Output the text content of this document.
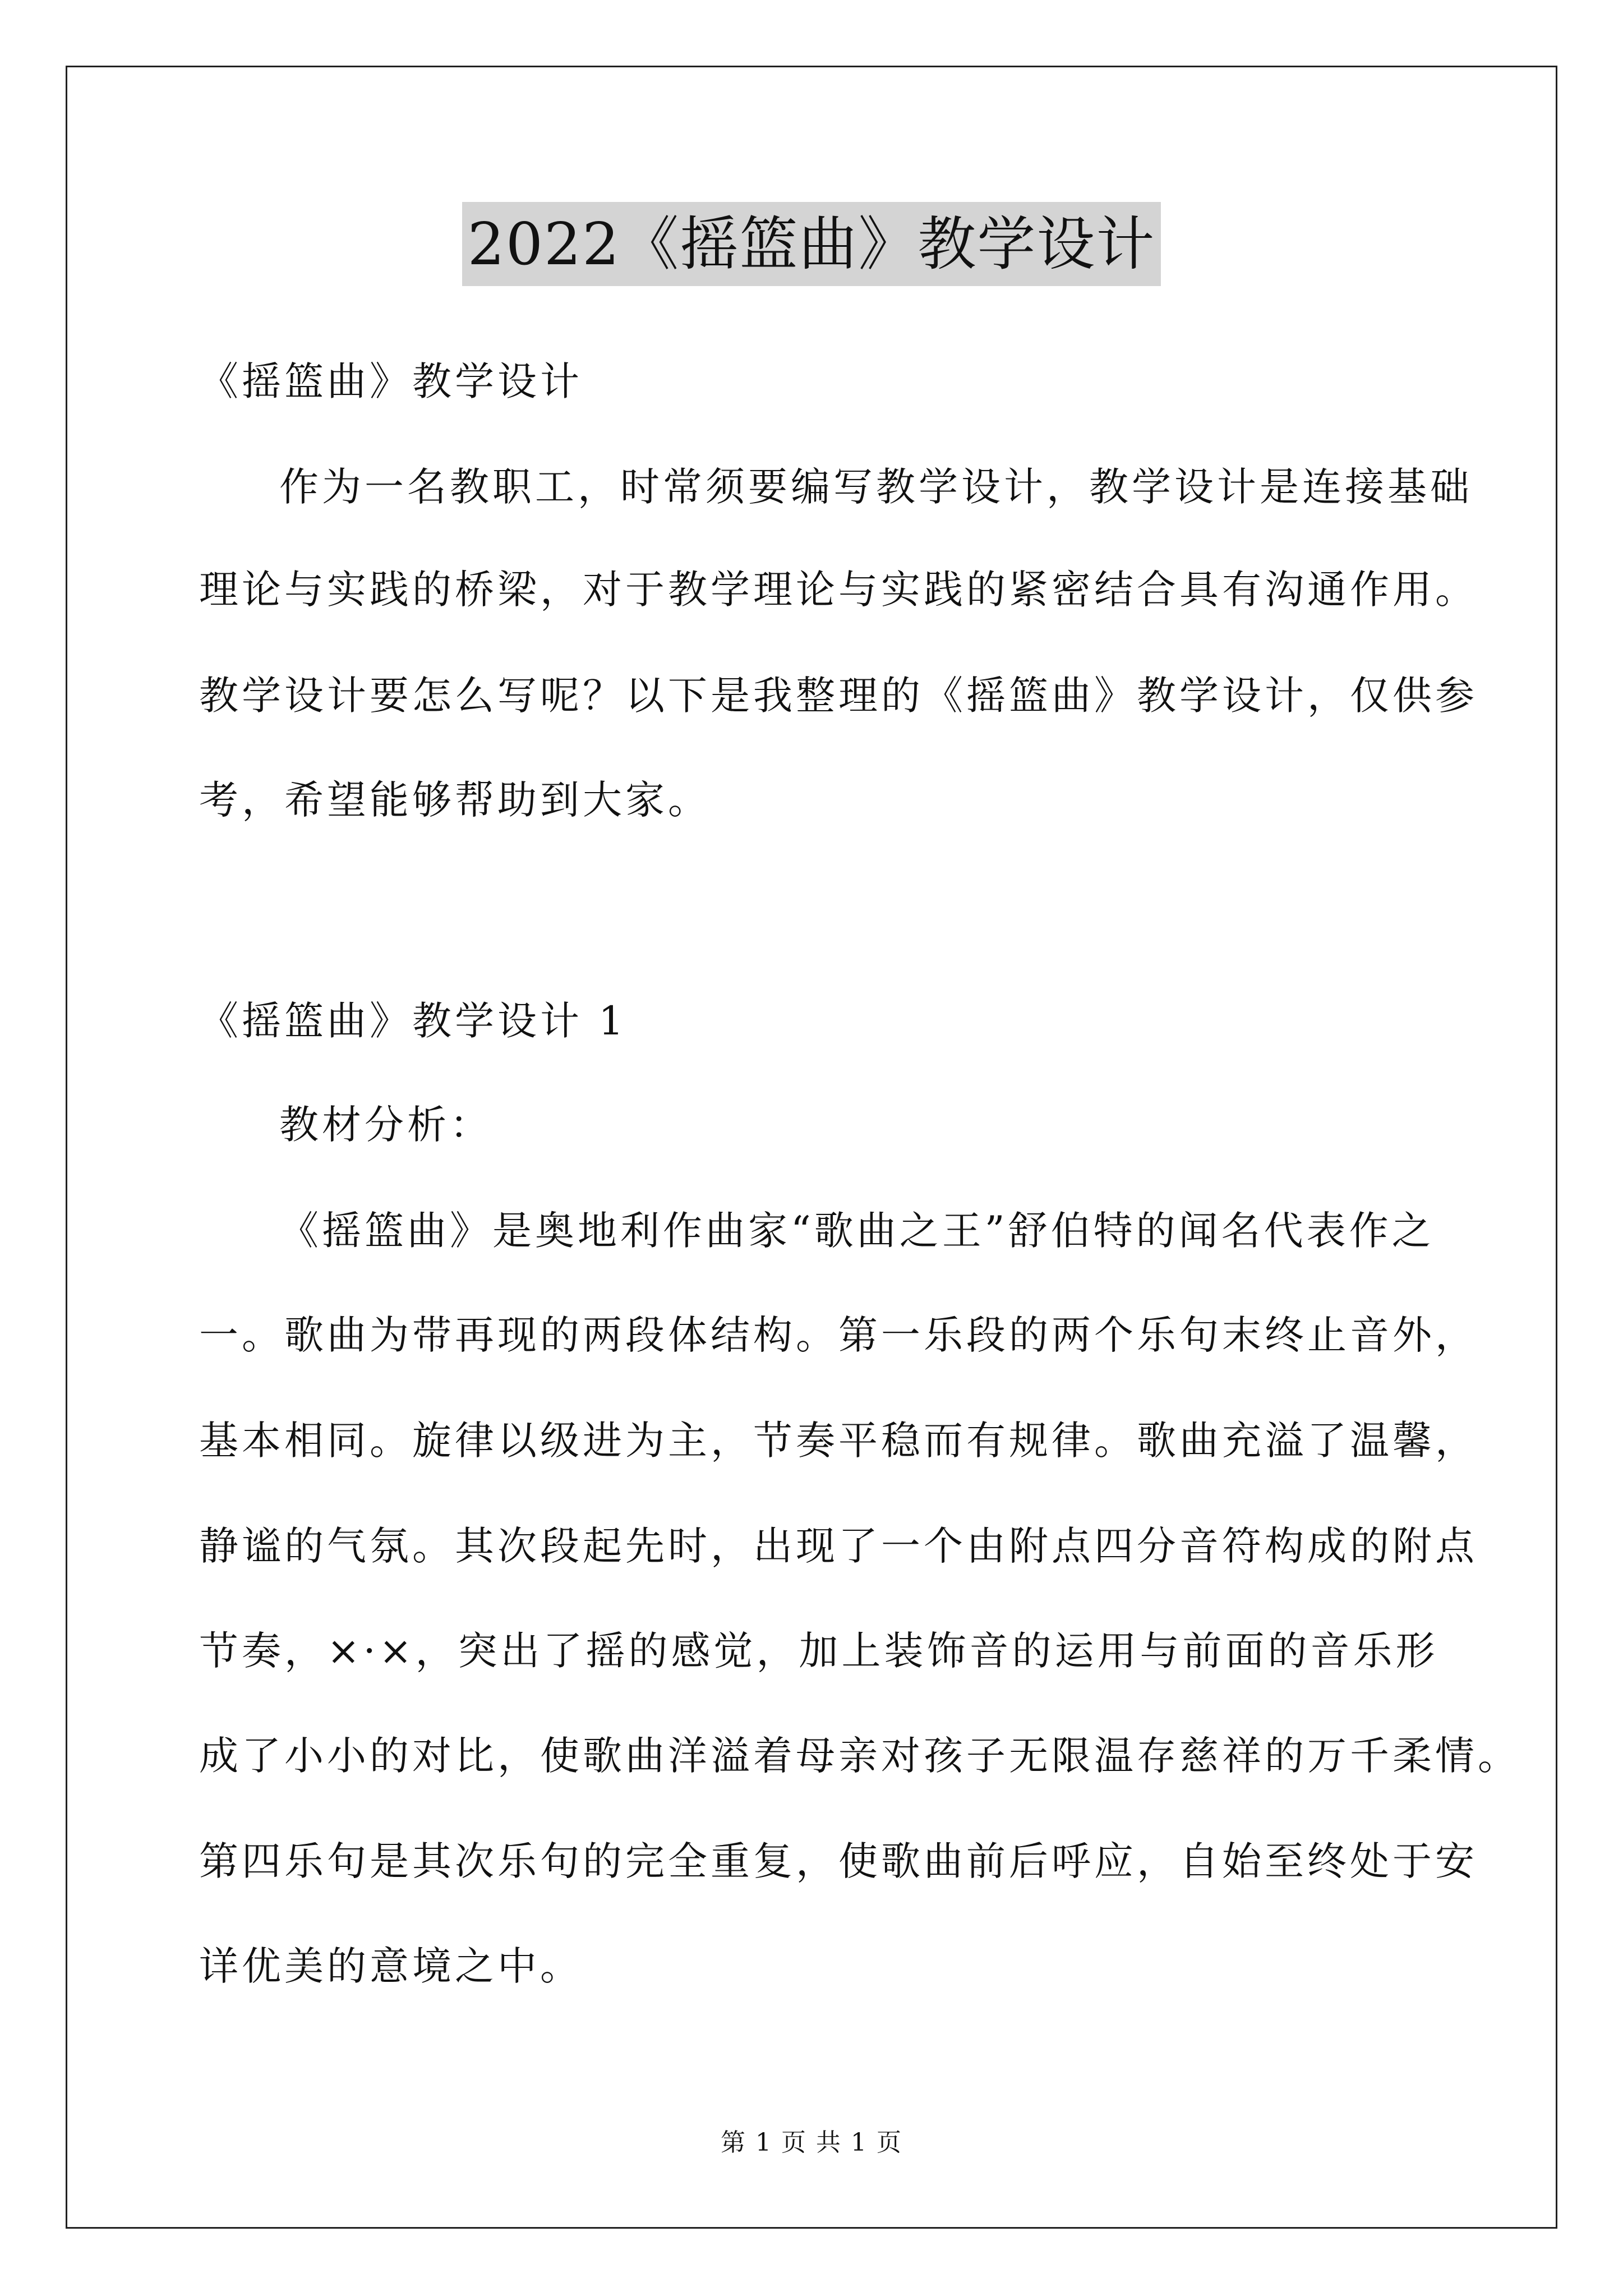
2022《摇篮曲》教学设计
《摇篮曲》教学设计
作为一名教职工，时常须要编写教学设计，教学设计是连接基础
理论与实践的桥梁，对于教学理论与实践的紧密结合具有沟通作用。
教学设计要怎么写呢？以下是我整理的《摇篮曲》教学设计，仅供参
考，希望能够帮助到大家。
《摇篮曲》教学设计 1
教材分析：
《摇篮曲》是奥地利作曲家“歌曲之王”舒伯特的闻名代表作之
一。歌曲为带再现的两段体结构。第一乐段的两个乐句末终止音外，
基本相同。旋律以级进为主，节奏平稳而有规律。歌曲充溢了温馨，
静谧的气氛。其次段起先时，出现了一个由附点四分音符构成的附点
节奏，×·×，突出了摇的感觉，加上装饰音的运用与前面的音乐形
成了小小的对比，使歌曲洋溢着母亲对孩子无限温存慈祥的万千柔情。
第四乐句是其次乐句的完全重复，使歌曲前后呼应，自始至终处于安
详优美的意境之中。
第 1 页 共 1 页
